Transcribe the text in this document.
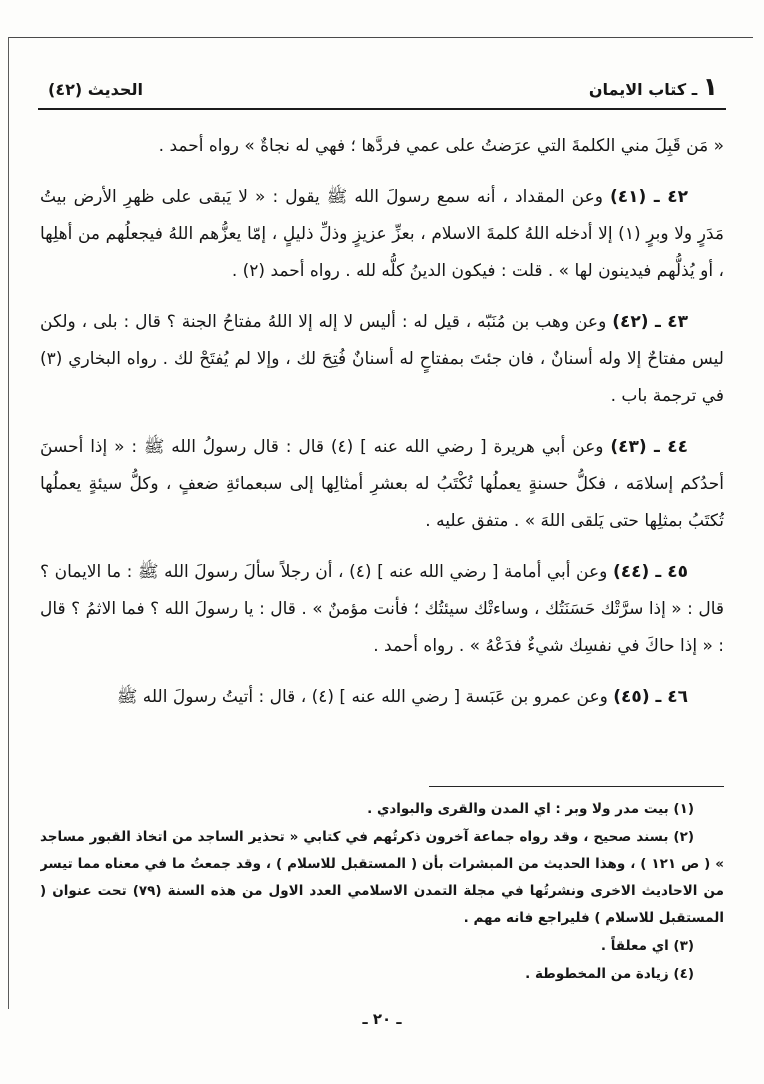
١ ـ كتاب الايمان
الحديث (٤٢)

« مَن قَبِلَ مني الكلمةَ التي عرَضتُ على عمي فردَّها ؛ فهي له نجاةٌ » رواه أحمد .

٤٢ ـ (٤١) وعن المقداد ، أنه سمع رسولَ الله ﷺ يقول : « لا يَبقى على ظهرِ الأرض بيتُ مَدَرٍ ولا وبرٍ (١) إلا أدخله اللهُ كلمةَ الاسلام ، بعزِّ عزيزٍ وذلِّ ذليلٍ ، إمّا يعزُّهم اللهُ فيجعلُهم من أهلِها ، أو يُذلُّهم فيدينون لها » . قلت : فيكون الدينُ كلُّه لله . رواه أحمد (٢) .

٤٣ ـ (٤٢) وعن وهب بن مُنَبّه ، قيل له : أليس لا إله إلا اللهُ مفتاحُ الجنة ؟ قال : بلى ، ولكن ليس مفتاحٌ إلا وله أسنانٌ ، فان جئتَ بمفتاحٍ له أسنانٌ فُتِحَ لك ، وإلا لم يُفتَحْ لك . رواه البخاري (٣) في ترجمة باب .

٤٤ ـ (٤٣) وعن أبي هريرة [ رضي الله عنه ] (٤) قال : قال رسولُ الله ﷺ : « إذا أحسنَ أحدُكم إسلامَه ، فكلُّ حسنةٍ يعملُها تُكْتَبُ له بعشرِ أمثالِها إلى سبعمائةِ ضعفٍ ، وكلُّ سيئةٍ يعملُها تُكتَبُ بمثلِها حتى يَلقى اللهَ » . متفق عليه .

٤٥ ـ (٤٤) وعن أبي أمامة [ رضي الله عنه ] (٤) ، أن رجلاً سألَ رسولَ الله ﷺ : ما الايمان ؟ قال : « إذا سرَّتْك حَسَنَتُك ، وساءتْك سيئتُك ؛ فأنت مؤمنٌ » . قال : يا رسولَ الله ؟ فما الاثمُ ؟ قال : « إذا حاكَ في نفسِك شيءٌ فدَعْهُ » . رواه أحمد .

٤٦ ـ (٤٥) وعن عمرو بن عَبَسة [ رضي الله عنه ] (٤) ، قال : أتيتُ رسولَ الله ﷺ

(١) بيت مدر ولا وبر : اي المدن والقرى والبوادي .

(٢) بسند صحيح ، وقد رواه جماعة آخرون ذكرتُهم في كتابي « تحذير الساجد من اتخاذ القبور مساجد » ( ص ١٢١ ) ، وهذا الحديث من المبشرات بأن ( المستقبل للاسلام ) ، وقد جمعتُ ما في معناه مما تيسر من الاحاديث الاخرى ونشرتُها في مجلة التمدن الاسلامي العدد الاول من هذه السنة (٧٩) تحت عنوان ( المستقبل للاسلام ) فليراجع فانه مهم .

(٣) اي معلقاً .

(٤) زيادة من المخطوطة .

ـ ٢٠ ـ
